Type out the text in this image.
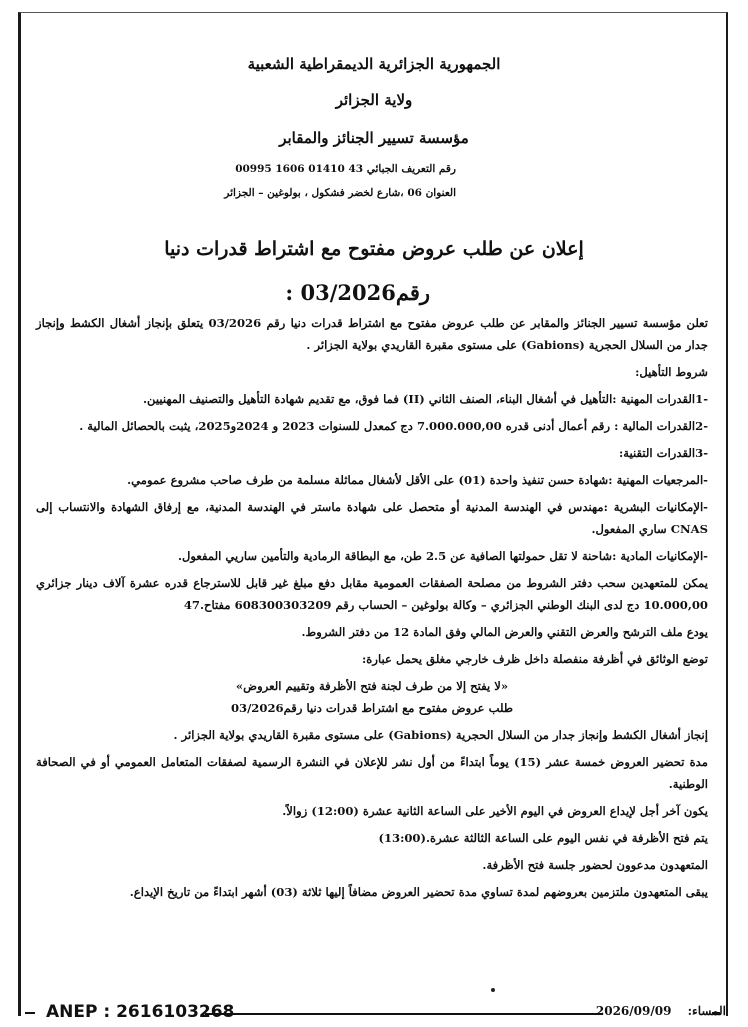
الجمهورية الجزائرية الديمقراطية الشعبية

ولاية الجزائر

مؤسسة تسيير الجنائز والمقابر

رقم التعريف الجبائي 43 01410 1606 00995
العنوان 06 ،شارع لخضر فشكول ، بولوغين – الجزائر
إعلان عن طلب عروض مفتوح مع اشتراط قدرات دنيا
رقم03/2026 :

تعلن مؤسسة تسيير الجنائز والمقابر عن طلب عروض مفتوح مع اشتراط قدرات دنيا رقم 03/2026 يتعلق بإنجاز أشغال الكشط وإنجاز جدار من السلال الحجرية (Gabions) على مستوى مقبرة القاريدي بولاية الجزائر .

شروط التأهيل:

-1القدرات المهنية :التأهيل في أشغال البناء، الصنف الثاني (II) فما فوق، مع تقديم شهادة التأهيل والتصنيف المهنيين.

-2القدرات المالية : رقم أعمال أدنى قدره 7.000.000,00 دج كمعدل للسنوات 2023 و 2024و2025، يثبت بالحصائل المالية .

-3القدرات التقنية:

-المرجعيات المهنية :شهادة حسن تنفيذ واحدة (01) على الأقل لأشغال مماثلة مسلمة من طرف صاحب مشروع عمومي.

-الإمكانيات البشرية :مهندس في الهندسة المدنية أو متحصل على شهادة ماستر في الهندسة المدنية، مع إرفاق الشهادة والانتساب إلى CNAS ساري المفعول.

-الإمكانيات المادية :شاحنة لا تقل حمولتها الصافية عن 2.5 طن، مع البطاقة الرمادية والتأمين ساريي المفعول.

يمكن للمتعهدين سحب دفتر الشروط من مصلحة الصفقات العمومية مقابل دفع مبلغ غير قابل للاسترجاع قدره عشرة آلاف دينار جزائري 10.000,00 دج لدى البنك الوطني الجزائري – وكالة بولوغين – الحساب رقم 608300303209 مفتاح.47

يودع ملف الترشح والعرض التقني والعرض المالي وفق المادة 12 من دفتر الشروط.

توضع الوثائق في أظرفة منفصلة داخل ظرف خارجي مغلق يحمل عبارة:

«لا يفتح إلا من طرف لجنة فتح الأظرفة وتقييم العروض»

طلب عروض مفتوح مع اشتراط قدرات دنيا رقم03/2026

إنجاز أشغال الكشط وإنجاز جدار من السلال الحجرية (Gabions) على مستوى مقبرة القاريدي بولاية الجزائر .

مدة تحضير العروض خمسة عشر (15) يوماً ابتداءً من أول نشر للإعلان في النشرة الرسمية لصفقات المتعامل العمومي أو في الصحافة الوطنية.

يكون آخر أجل لإيداع العروض في اليوم الأخير على الساعة الثانية عشرة (12:00) زوالاً.

يتم فتح الأظرفة في نفس اليوم على الساعة الثالثة عشرة.(13:00)

المتعهدون مدعوون لحضور جلسة فتح الأظرفة.

يبقى المتعهدون ملتزمين بعروضهم لمدة تساوي مدة تحضير العروض مضافاً إليها ثلاثة (03) أشهر ابتداءً من تاريخ الإيداع.

ANEP : 2616103268	المساء: 2026/09/09
